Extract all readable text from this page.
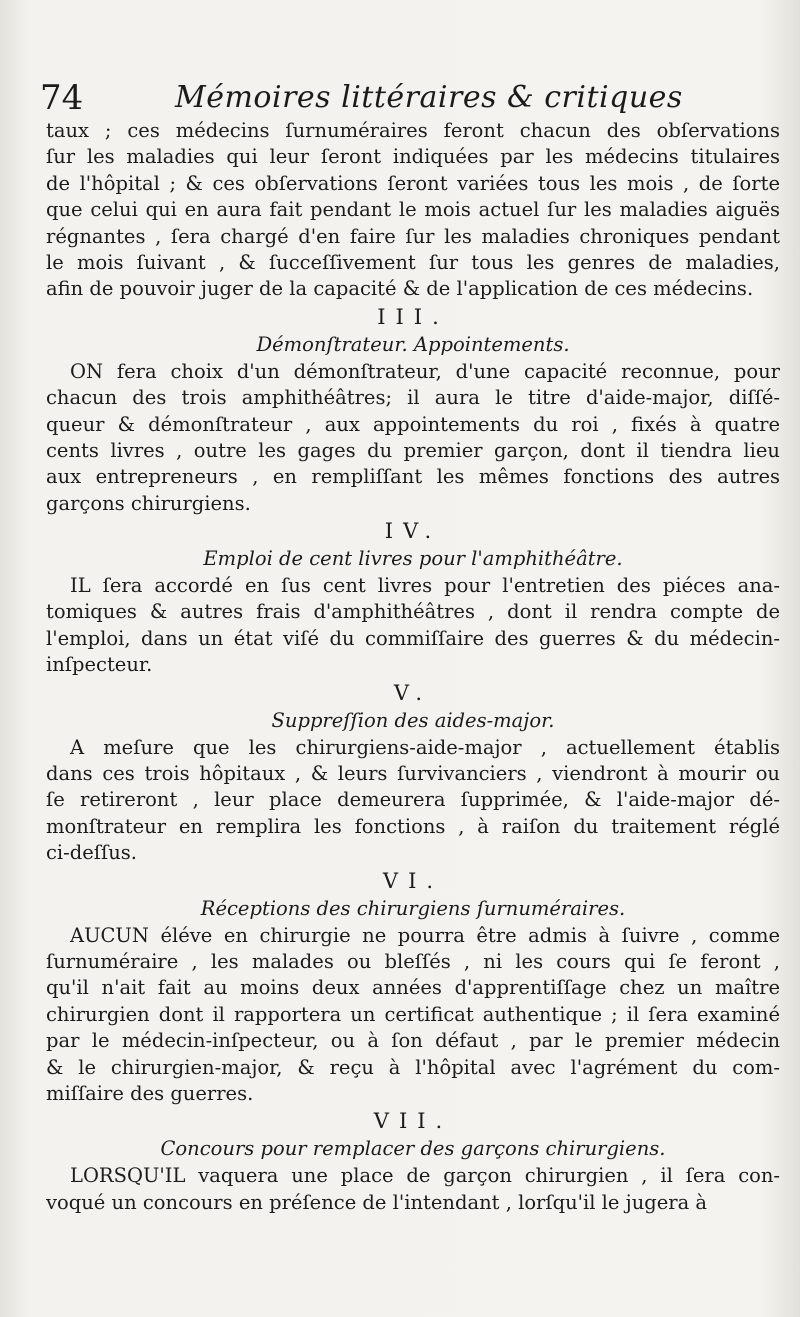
74	Mémoires littéraires & critiques
taux ; ces médecins ſurnuméraires feront chacun des obſervations
ſur les maladies qui leur ſeront indiquées par les médecins titulaires
de l'hôpital ; & ces obſervations ſeront variées tous les mois , de ſorte
que celui qui en aura fait pendant le mois actuel ſur les maladies aiguës
régnantes , ſera chargé d'en faire ſur les maladies chroniques pendant
le mois ſuivant , & ſucceſſivement ſur tous les genres de maladies,
afin de pouvoir juger de la capacité & de l'application de ces médecins.
III.
Démonſtrateur. Appointements.
ON fera choix d'un démonſtrateur, d'une capacité reconnue, pour
chacun des trois amphithéâtres; il aura le titre d'aide-major, diſſé-
queur & démonſtrateur , aux appointements du roi , fixés à quatre
cents livres , outre les gages du premier garçon, dont il tiendra lieu
aux entrepreneurs , en rempliſſant les mêmes fonctions des autres
garçons chirurgiens.
IV.
Emploi de cent livres pour l'amphithéâtre.
IL ſera accordé en ſus cent livres pour l'entretien des piéces ana-
tomiques & autres frais d'amphithéâtres , dont il rendra compte de
l'emploi, dans un état viſé du commiſſaire des guerres & du médecin-
inſpecteur.
V.
Suppreſſion des aides-major.
A meſure que les chirurgiens-aide-major , actuellement établis
dans ces trois hôpitaux , & leurs ſurvivanciers , viendront à mourir ou
ſe retireront , leur place demeurera ſupprimée, & l'aide-major dé-
monſtrateur en remplira les fonctions , à raiſon du traitement réglé
ci-deſſus.
VI.
Réceptions des chirurgiens ſurnuméraires.
AUCUN éléve en chirurgie ne pourra être admis à ſuivre , comme
ſurnuméraire , les malades ou bleſſés , ni les cours qui ſe feront ,
qu'il n'ait fait au moins deux années d'apprentiſſage chez un maître
chirurgien dont il rapportera un certificat authentique ; il ſera examiné
par le médecin-inſpecteur, ou à ſon défaut , par le premier médecin
& le chirurgien-major, & reçu à l'hôpital avec l'agrément du com-
miſſaire des guerres.
VII.
Concours pour remplacer des garçons chirurgiens.
LORSQU'IL vaquera une place de garçon chirurgien , il ſera con-
voqué un concours en préſence de l'intendant , lorſqu'il le jugera à
